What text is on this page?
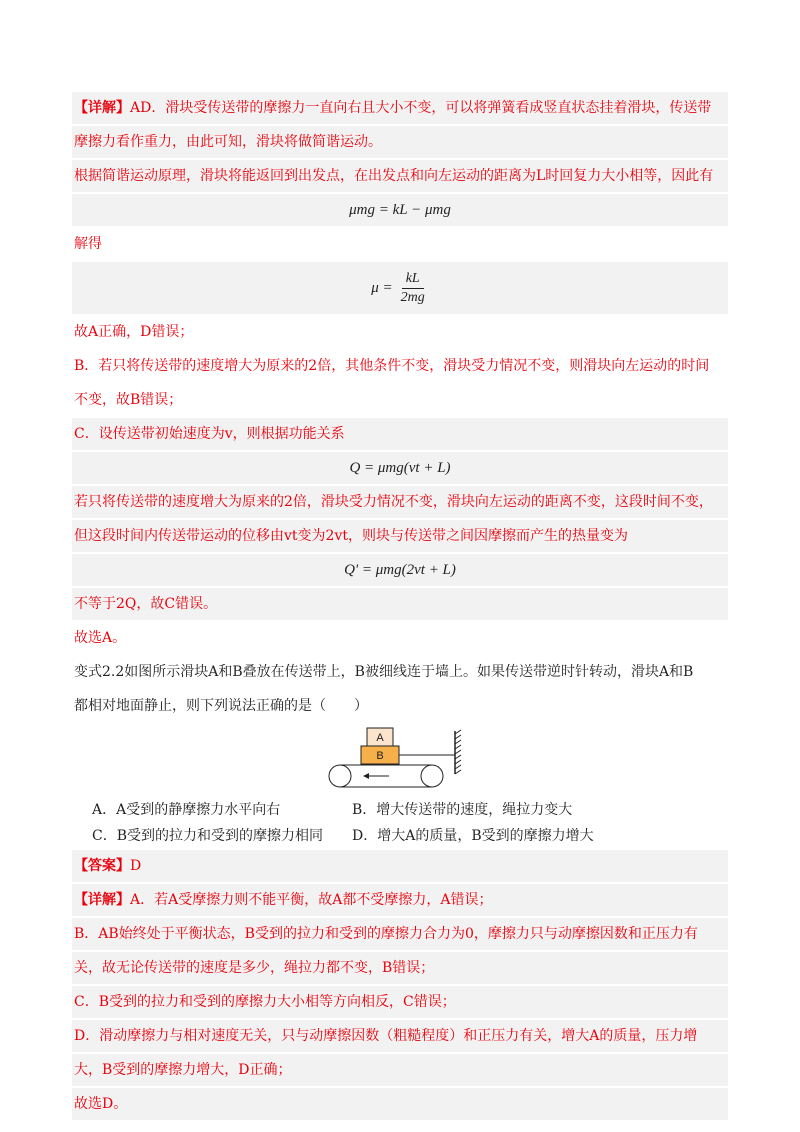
【详解】AD．滑块受传送带的摩擦力一直向右且大小不变，可以将弹簧看成竖直状态挂着滑块，传送带
摩擦力看作重力，由此可知，滑块将做简谐运动。
根据简谐运动原理，滑块将能返回到出发点，在出发点和向左运动的距离为L时回复力大小相等，因此有
μmg = kL − μmg
解得
$\mu = \frac{kL}{2mg}$
故A正确，D错误；
B．若只将传送带的速度增大为原来的2倍，其他条件不变，滑块受力情况不变，则滑块向左运动的时间
不变，故B错误；
C．设传送带初始速度为v，则根据功能关系
Q = μmg(vt + L)
若只将传送带的速度增大为原来的2倍，滑块受力情况不变，滑块向左运动的距离不变，这段时间不变，
但这段时间内传送带运动的位移由vt变为2vt，则块与传送带之间因摩擦而产生的热量变为
Q' = μmg(2vt + L)
不等于2Q，故C错误。
故选A。
变式2.2如图所示滑块A和B叠放在传送带上，B被细线连于墙上。如果传送带逆时针转动，滑块A和B
都相对地面静止，则下列说法正确的是（　　）
A
B
A．A受到的静摩擦力水平向右	B．增大传送带的速度，绳拉力变大
C．B受到的拉力和受到的摩擦力相同	D．增大A的质量，B受到的摩擦力增大
【答案】D
【详解】A．若A受摩擦力则不能平衡，故A都不受摩擦力，A错误；
B．AB始终处于平衡状态，B受到的拉力和受到的摩擦力合力为0，摩擦力只与动摩擦因数和正压力有
关，故无论传送带的速度是多少，绳拉力都不变，B错误；
C．B受到的拉力和受到的摩擦力大小相等方向相反，C错误；
D．滑动摩擦力与相对速度无关，只与动摩擦因数（粗糙程度）和正压力有关，增大A的质量，压力增
大，B受到的摩擦力增大，D正确；
故选D。
